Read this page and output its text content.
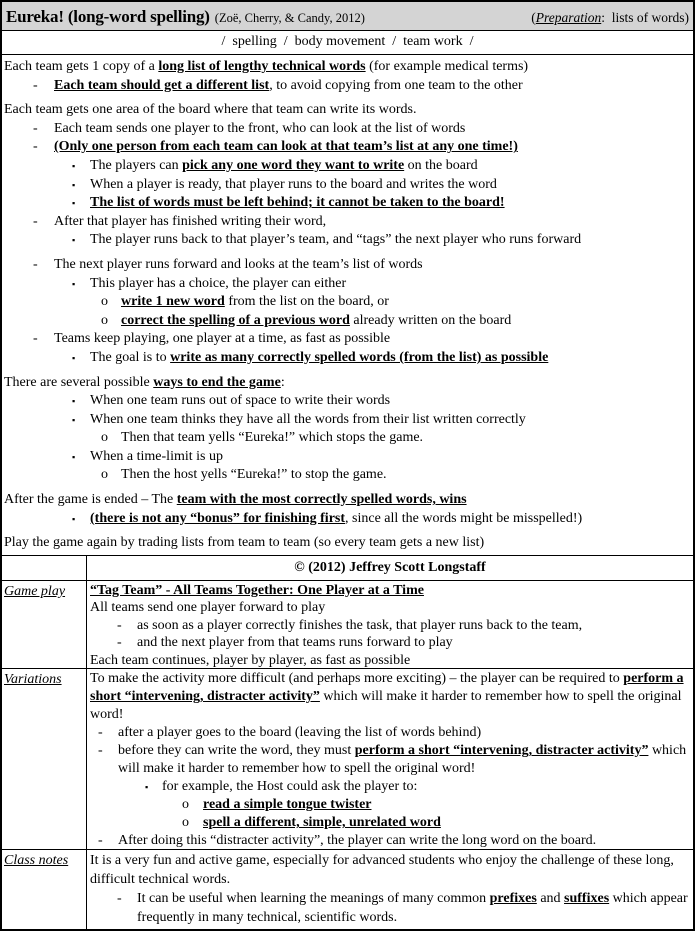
Eureka! (long-word spelling) (Zoë, Cherry, & Candy, 2012)	(Preparation:  lists of words)
/  spelling  /  body movement  /  team work  /
Each team gets 1 copy of a long list of lengthy technical words (for example medical terms)
- Each team should get a different list, to avoid copying from one team to the other
Each team gets one area of the board where that team can write its words.
- Each team sends one player to the front, who can look at the list of words
- (Only one person from each team can look at that team’s list at any one time!)
▪ The players can pick any one word they want to write on the board
▪ When a player is ready, that player runs to the board and writes the word
▪ The list of words must be left behind; it cannot be taken to the board!
- After that player has finished writing their word,
▪ The player runs back to that player’s team, and “tags” the next player who runs forward
- The next player runs forward and looks at the team’s list of words
▪ This player has a choice, the player can either
o write 1 new word from the list on the board, or
o correct the spelling of a previous word already written on the board
- Teams keep playing, one player at a time, as fast as possible
▪ The goal is to write as many correctly spelled words (from the list) as possible
There are several possible ways to end the game:
▪ When one team runs out of space to write their words
▪ When one team thinks they have all the words from their list written correctly
o Then that team yells “Eureka!” which stops the game.
▪ When a time-limit is up
o Then the host yells “Eureka!” to stop the game.
After the game is ended – The team with the most correctly spelled words, wins
▪ (there is not any “bonus” for finishing first, since all the words might be misspelled!)
Play the game again by trading lists from team to team (so every team gets a new list)
© (2012) Jeffrey Scott Longstaff
Game play	“Tag Team” - All Teams Together: One Player at a Time
All teams send one player forward to play
- as soon as a player correctly finishes the task, that player runs back to the team,
- and the next player from that teams runs forward to play
Each team continues, player by player, as fast as possible
Variations	To make the activity more difficult (and perhaps more exciting) – the player can be required to perform a short “intervening, distracter activity” which will make it harder to remember how to spell the original word!
- after a player goes to the board (leaving the list of words behind)
- before they can write the word, they must perform a short “intervening, distracter activity” which will make it harder to remember how to spell the original word!
▪ for example, the Host could ask the player to:
o read a simple tongue twister
o spell a different, simple, unrelated word
- After doing this “distracter activity”, the player can write the long word on the board.
Class notes	It is a very fun and active game, especially for advanced students who enjoy the challenge of these long, difficult technical words.
- It can be useful when learning the meanings of many common prefixes and suffixes which appear frequently in many technical, scientific words.
